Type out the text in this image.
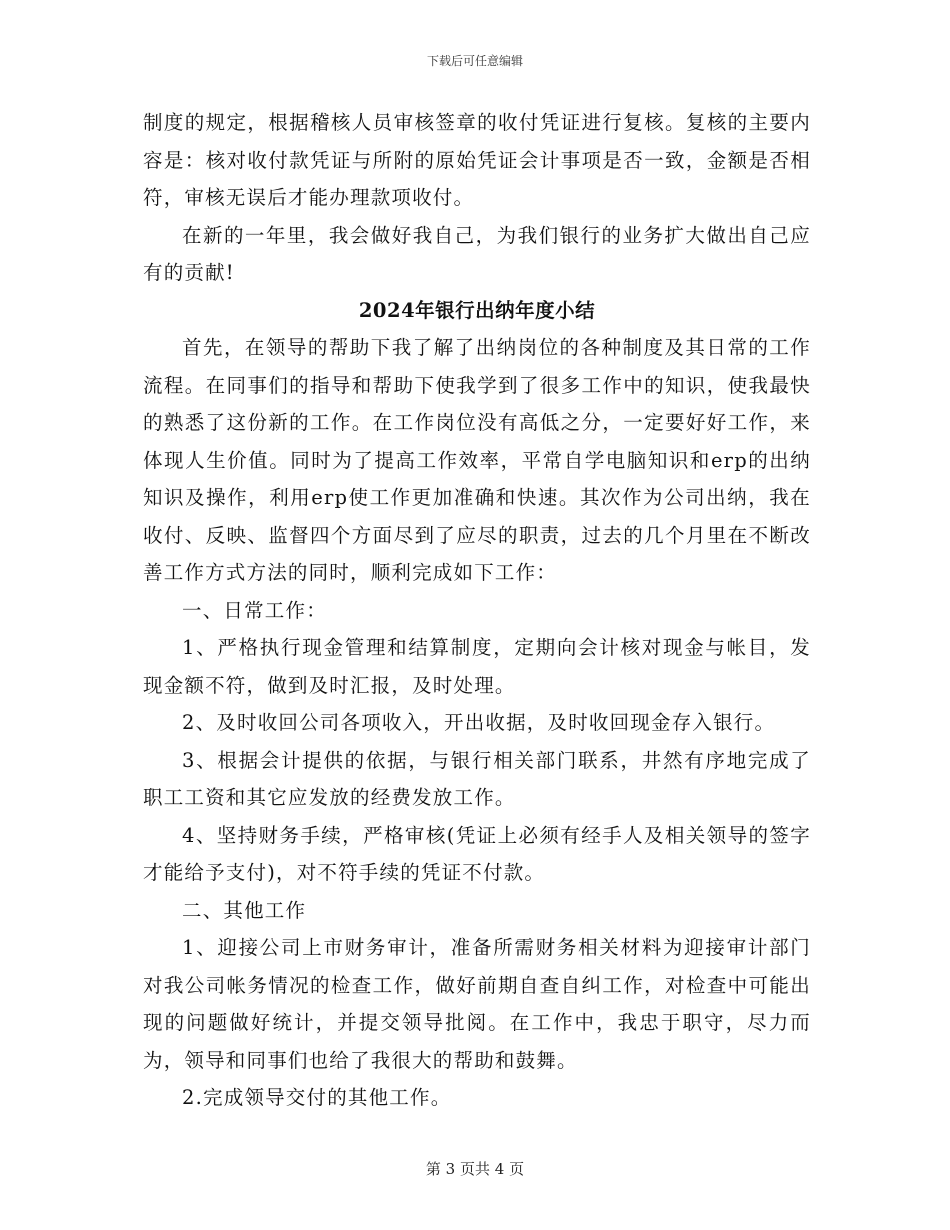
下载后可任意编辑

制度的规定，根据稽核人员审核签章的收付凭证进行复核。复核的主要内容是：核对收付款凭证与所附的原始凭证会计事项是否一致，金额是否相符，审核无误后才能办理款项收付。

在新的一年里，我会做好我自己，为我们银行的业务扩大做出自己应有的贡献!

2024年银行出纳年度小结

首先，在领导的帮助下我了解了出纳岗位的各种制度及其日常的工作流程。在同事们的指导和帮助下使我学到了很多工作中的知识，使我最快的熟悉了这份新的工作。在工作岗位没有高低之分，一定要好好工作，来体现人生价值。同时为了提高工作效率，平常自学电脑知识和erp的出纳知识及操作，利用erp使工作更加准确和快速。其次作为公司出纳，我在收付、反映、监督四个方面尽到了应尽的职责，过去的几个月里在不断改善工作方式方法的同时，顺利完成如下工作：

一、日常工作：

1、严格执行现金管理和结算制度，定期向会计核对现金与帐目，发现金额不符，做到及时汇报，及时处理。

2、及时收回公司各项收入，开出收据，及时收回现金存入银行。

3、根据会计提供的依据，与银行相关部门联系，井然有序地完成了职工工资和其它应发放的经费发放工作。

4、坚持财务手续，严格审核(凭证上必须有经手人及相关领导的签字才能给予支付)，对不符手续的凭证不付款。

二、其他工作

1、迎接公司上市财务审计，准备所需财务相关材料为迎接审计部门对我公司帐务情况的检查工作，做好前期自查自纠工作，对检查中可能出现的问题做好统计，并提交领导批阅。在工作中，我忠于职守，尽力而为，领导和同事们也给了我很大的帮助和鼓舞。

2.完成领导交付的其他工作。

第 3 页共 4 页
